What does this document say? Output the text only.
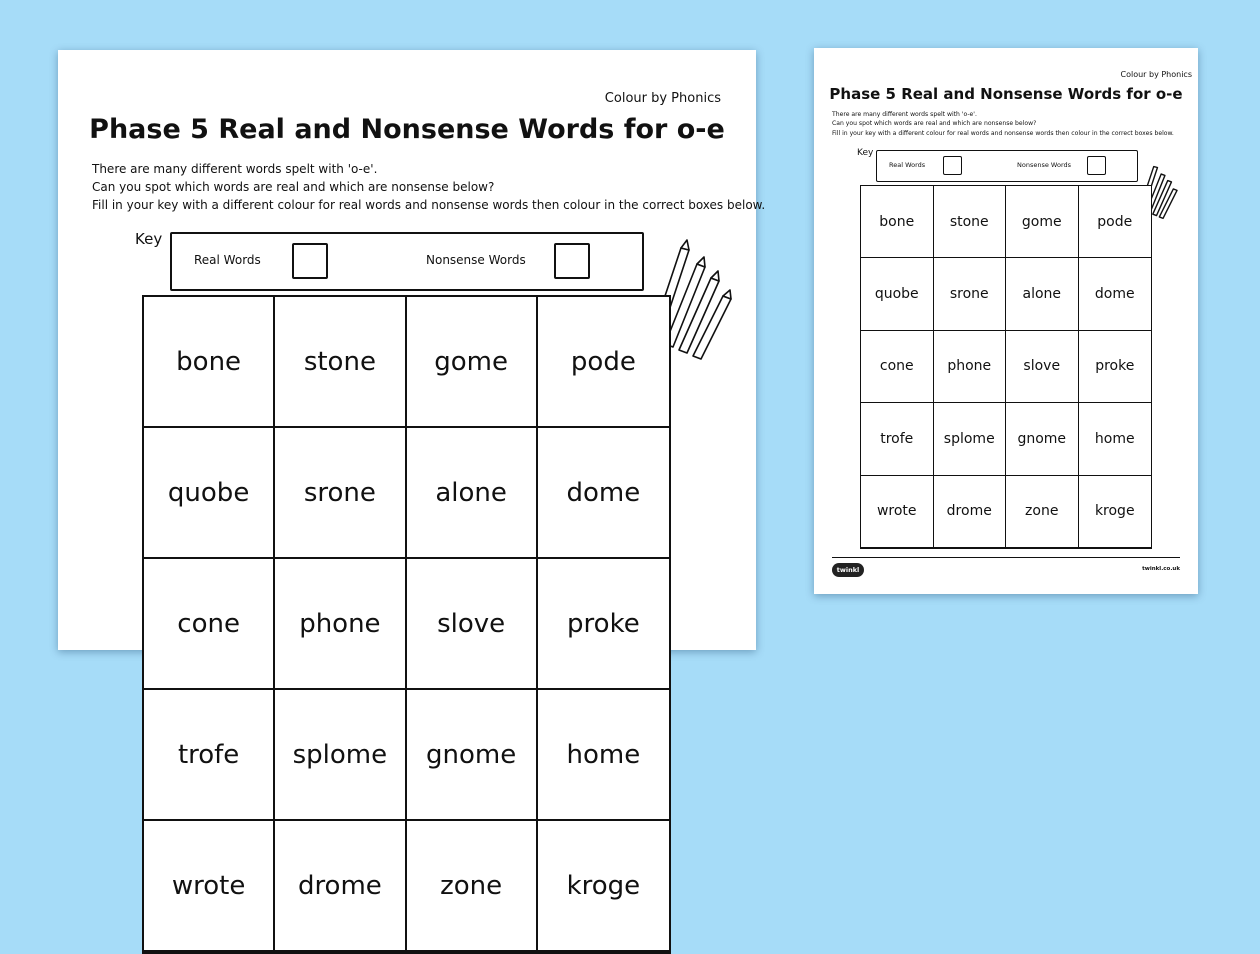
Colour by Phonics
Phase 5 Real and Nonsense Words for o-e
There are many different words spelt with 'o-e'.
Can you spot which words are real and which are nonsense below?
Fill in your key with a different colour for real words and nonsense words then colour in the correct boxes below.
Key
Real Words	Nonsense Words
bone	stone	gome	pode
quobe	srone	alone	dome
cone	phone	slove	proke
trofe	splome	gnome	home
wrote	drome	zone	kroge
Colour by Phonics
Phase 5 Real and Nonsense Words for o-e
There are many different words spelt with 'o-e'.
Can you spot which words are real and which are nonsense below?
Fill in your key with a different colour for real words and nonsense words then colour in the correct boxes below.
Key
Real Words	Nonsense Words
bone	stone	gome	pode
quobe	srone	alone	dome
cone	phone	slove	proke
trofe	splome	gnome	home
wrote	drome	zone	kroge
twinkl	twinkl.co.uk
